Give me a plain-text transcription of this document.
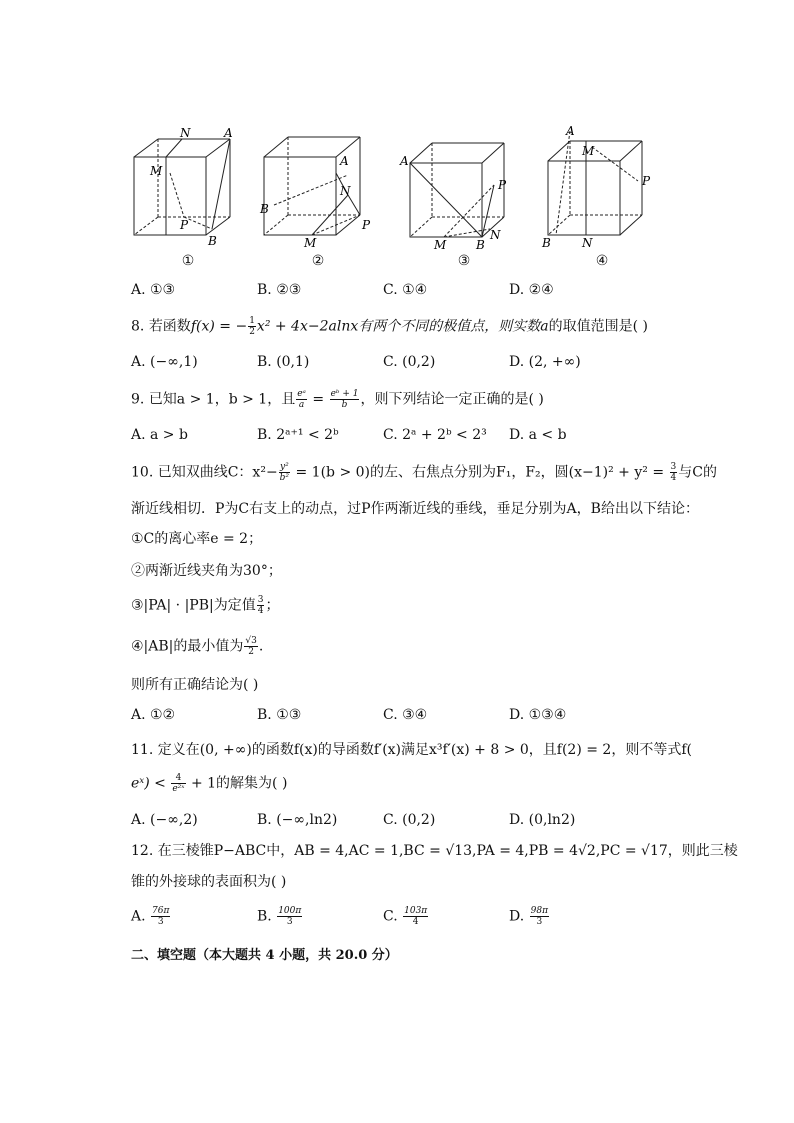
N	A
M
P
B
①
A
N
B
P
M
②
A
P
M B
N
③
A
M
P
B	N
④
A. ①③	B. ②③	C. ①④	D. ②④
8. 若函数f(x) = − $\frac{1}{2} x^2 + 4x-2alnx$有两个不同的极值点，则实数a的取值范围是( )
A. (−∞,1)	B. (0,1)	C. (0,2)	D. (2, +∞)
9. 已知a > 1，b > 1，且 $\frac{\text{eᵃ}}{a} = \frac{\text{eᵇ + 1}}{b}$ ，则下列结论一定正确的是( )
A. a > b	B. 2ᵃ⁺¹ < 2ᵇ	C. 2ᵃ + 2ᵇ < 2³ D. a < b
10. 已知双曲线C：$x^2- \frac{\text{y²}}{\text{b²}} = 1(b > 0)$的左、右焦点分别为F₁，F₂，圆$(x-1)^2 + y^2 = \frac{3}{4}$ 与C的
渐近线相切．P为C右支上的动点，过P作两渐近线的垂线，垂足分别为A，B给出以下结论：
①C的离心率e = 2；
②两渐近线夹角为30°；
③|PA| · |PB|为定值 $\frac{3}{4}$ ；
④|AB|的最小值为 $\frac{√3}{2}$ .
则所有正确结论为( )
A. ①②	B. ①③	C. ③④	D. ①③④
11. 定义在(0, +∞)的函数f(x)的导函数f′(x)满足x³f′(x) + 8 > 0，且f(2) = 2，则不等式f(
eˣ) < $\frac{4}{\text{e²ˣ}} + 1$的解集为( )
A. (−∞,2)	B. (−∞,ln2)	C. (0,2)	D. (0,ln2)
12. 在三棱锥P−ABC中，AB = 4,AC = 1,BC = √13,PA = 4,PB = 4√2,PC = √17，则此三棱
锥的外接球的表面积为( )
A. $\frac{76\pi}{3}$	B. $\frac{100\pi}{3}$	C. $\frac{103\pi}{4}$	D. $\frac{98\pi}{3}$
二、填空题（本大题共 4 小题，共 20.0 分）
